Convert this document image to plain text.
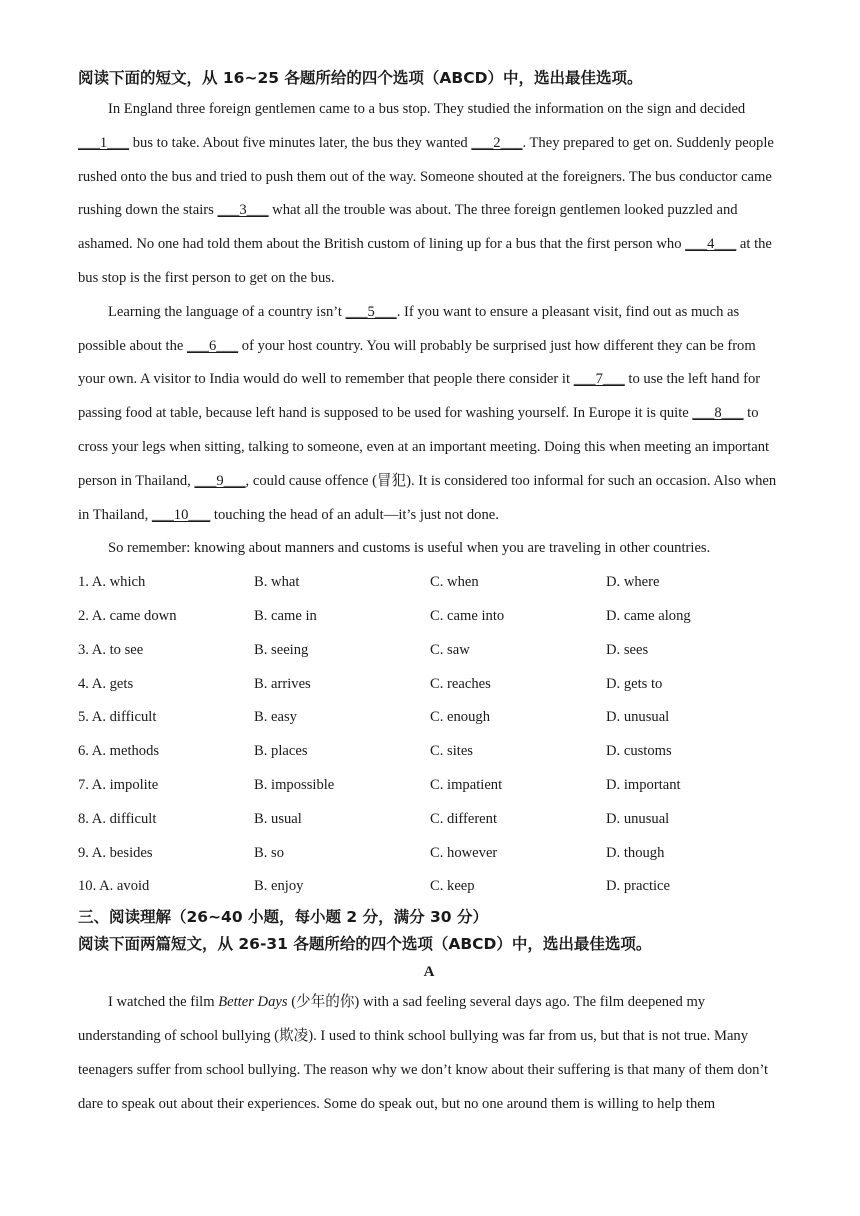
阅读下面的短文，从 16~25 各题所给的四个选项（ABCD）中，选出最佳选项。

In England three foreign gentlemen came to a bus stop. They studied the information on the sign and decided ___1___ bus to take. About five minutes later, the bus they wanted ___2___. They prepared to get on. Suddenly people rushed onto the bus and tried to push them out of the way. Someone shouted at the foreigners. The bus conductor came rushing down the stairs ___3___ what all the trouble was about. The three foreign gentlemen looked puzzled and ashamed. No one had told them about the British custom of lining up for a bus that the first person who ___4___ at the bus stop is the first person to get on the bus.

Learning the language of a country isn’t ___5___. If you want to ensure a pleasant visit, find out as much as possible about the ___6___ of your host country. You will probably be surprised just how different they can be from your own. A visitor to India would do well to remember that people there consider it ___7___ to use the left hand for passing food at table, because left hand is supposed to be used for washing yourself. In Europe it is quite ___8___ to cross your legs when sitting, talking to someone, even at an important meeting. Doing this when meeting an important person in Thailand, ___9___, could cause offence (冒犯). It is considered too informal for such an occasion. Also when in Thailand, ___10___ touching the head of an adult—it’s just not done.

So remember: knowing about manners and customs is useful when you are traveling in other countries.

1. A. which	B. what	C. when	D. where
2. A. came down	B. came in	C. came into	D. came along
3. A. to see	B. seeing	C. saw	D. sees
4. A. gets	B. arrives	C. reaches	D. gets to
5. A. difficult	B. easy	C. enough	D. unusual
6. A. methods	B. places	C. sites	D. customs
7. A. impolite	B. impossible	C. impatient	D. important
8. A. difficult	B. usual	C. different	D. unusual
9. A. besides	B. so	C. however	D. though
10. A. avoid	B. enjoy	C. keep	D. practice
三、阅读理解（26~40 小题，每小题 2 分，满分 30 分）
阅读下面两篇短文，从 26-31 各题所给的四个选项（ABCD）中，选出最佳选项。
A

I watched the film Better Days (少年的你) with a sad feeling several days ago. The film deepened my understanding of school bullying (欺凌). I used to think school bullying was far from us, but that is not true. Many teenagers suffer from school bullying. The reason why we don’t know about their suffering is that many of them don’t dare to speak out about their experiences. Some do speak out, but no one around them is willing to help them
